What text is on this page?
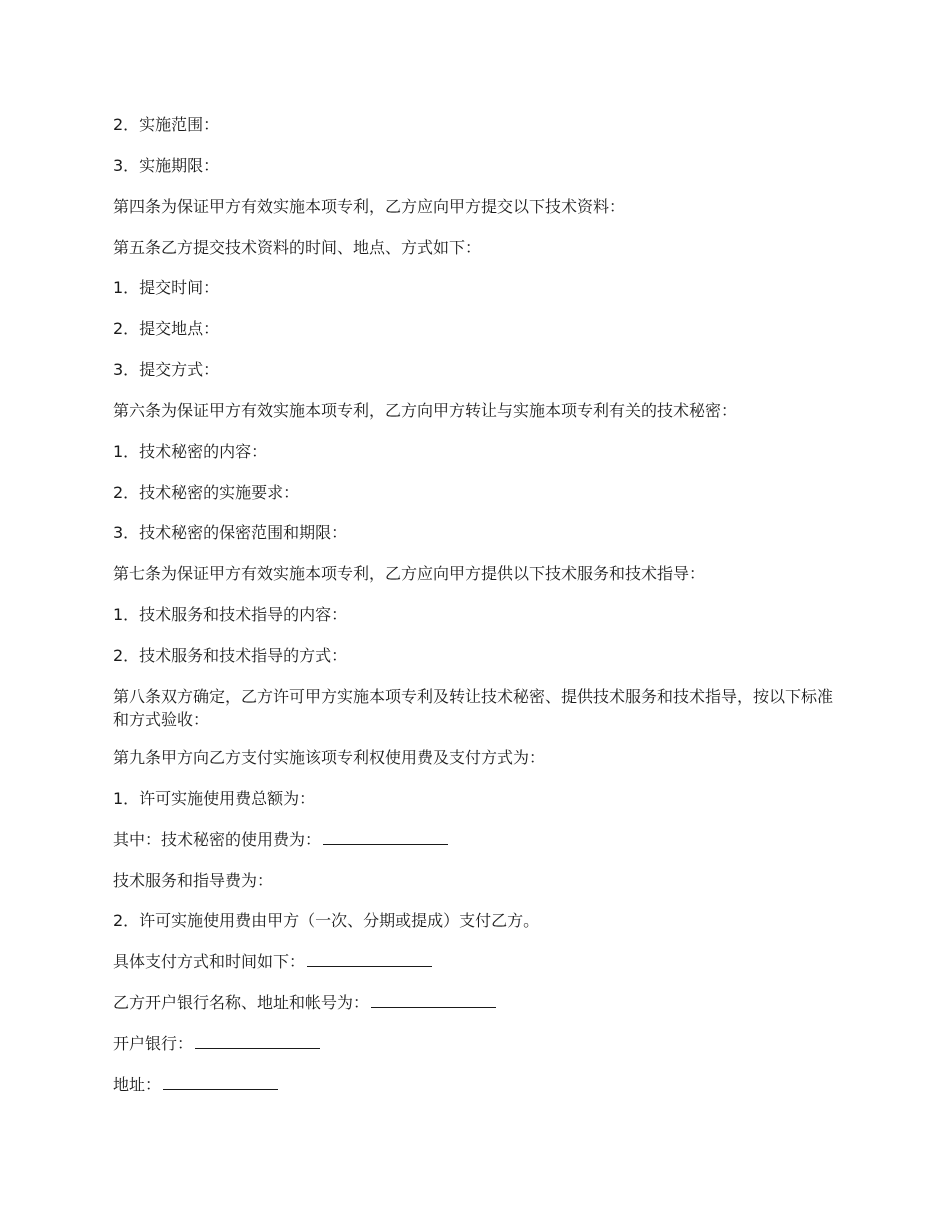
2．实施范围：
3．实施期限：
第四条为保证甲方有效实施本项专利，乙方应向甲方提交以下技术资料：
第五条乙方提交技术资料的时间、地点、方式如下：
1．提交时间：
2．提交地点：
3．提交方式：
第六条为保证甲方有效实施本项专利，乙方向甲方转让与实施本项专利有关的技术秘密：
1．技术秘密的内容：
2．技术秘密的实施要求：
3．技术秘密的保密范围和期限：
第七条为保证甲方有效实施本项专利，乙方应向甲方提供以下技术服务和技术指导：
1．技术服务和技术指导的内容：
2．技术服务和技术指导的方式：
第八条双方确定，乙方许可甲方实施本项专利及转让技术秘密、提供技术服务和技术指导，按以下标准和方式验收：
第九条甲方向乙方支付实施该项专利权使用费及支付方式为：
1．许可实施使用费总额为：
其中：技术秘密的使用费为：
技术服务和指导费为：
2．许可实施使用费由甲方（一次、分期或提成）支付乙方。
具体支付方式和时间如下：
乙方开户银行名称、地址和帐号为：
开户银行：
地址：
